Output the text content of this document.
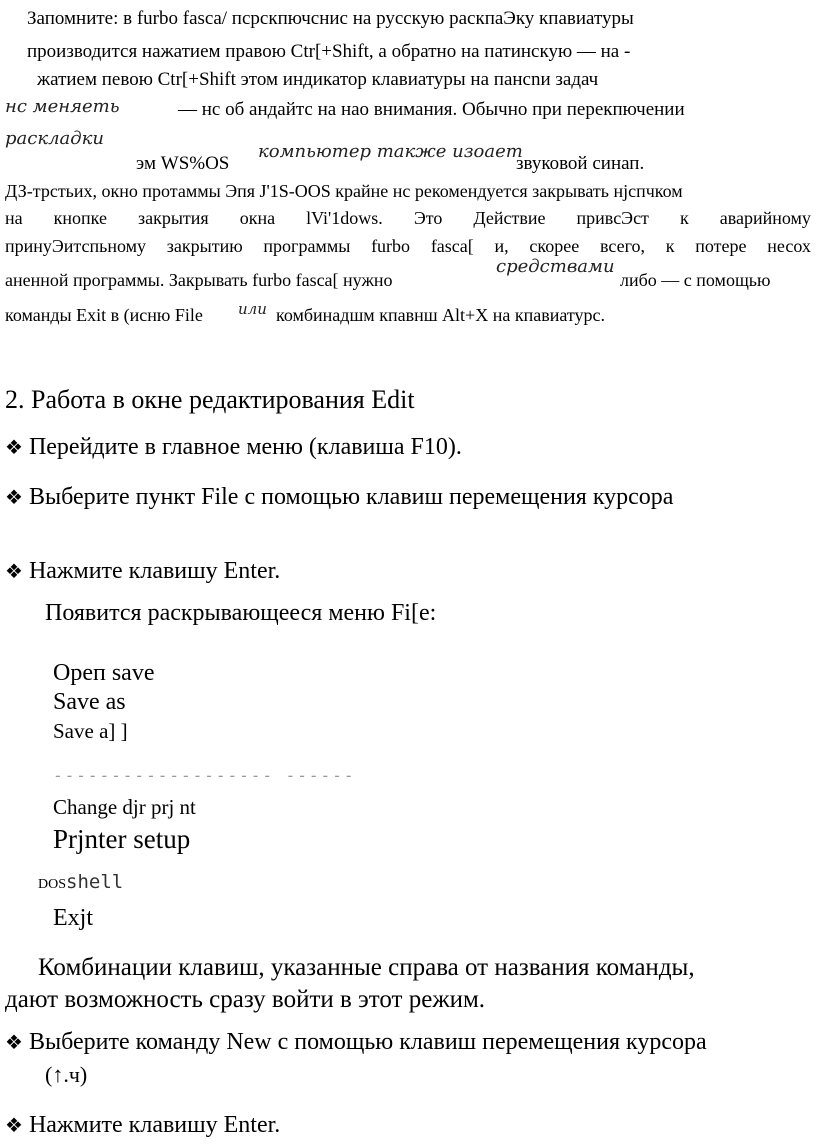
Запомните: в furbo fasca/ псрскпючснис на русскую раскпаЭку кпавиатуры
производится нажатием правою Ctr[+Shift, а обратно на патинскую — на -
жатием певою Ctr[+Shift этом индикатор клавиатуры на пансnи задач
нс меняеть	— нс об андайтс на нао внимания. Обычно при перекпючении
раскладки
эм WS%OS
компьютер также изоает
звуковой синап.
ДЗ-трстьих, окно протаммы Эпя J'1S-OOS крайне нс рекомендуется закрывать нјспчком
на кнопке закрытия окна lVi'1dows. Это Действие привсЭст к аварийному
принуЭитспьному закрытию программы furbo fasca[ и, скорее всего, к потере несох
аненной программы. Закрывать furbo fasca[ нужно
средствами
либо — с помощью
команды Exit в (исню File или комбинадшм кпавнш Alt+X на кпавиатурс.
2. Работа в окне редактирования Edit
❖ Перейдите в главное меню (клавиша F10).
❖ Выберите пункт File с помощью клавиш перемещения курсора
❖ Нажмите клавишу Enter.
Появится раскрывающееся меню Fi[e:
Ореп save
Save as
Save a] ]
------------------- ------
Change djr prj nt
Prjnter setup
DOSshell
Exjt
Комбинации клавиш, указанные справа от названия команды,
дают возможность сразу войти в этот режим.
❖ Выберите команду New с помощью клавиш перемещения курсора
(↑.ч)
❖ Нажмите клавишу Enter.
